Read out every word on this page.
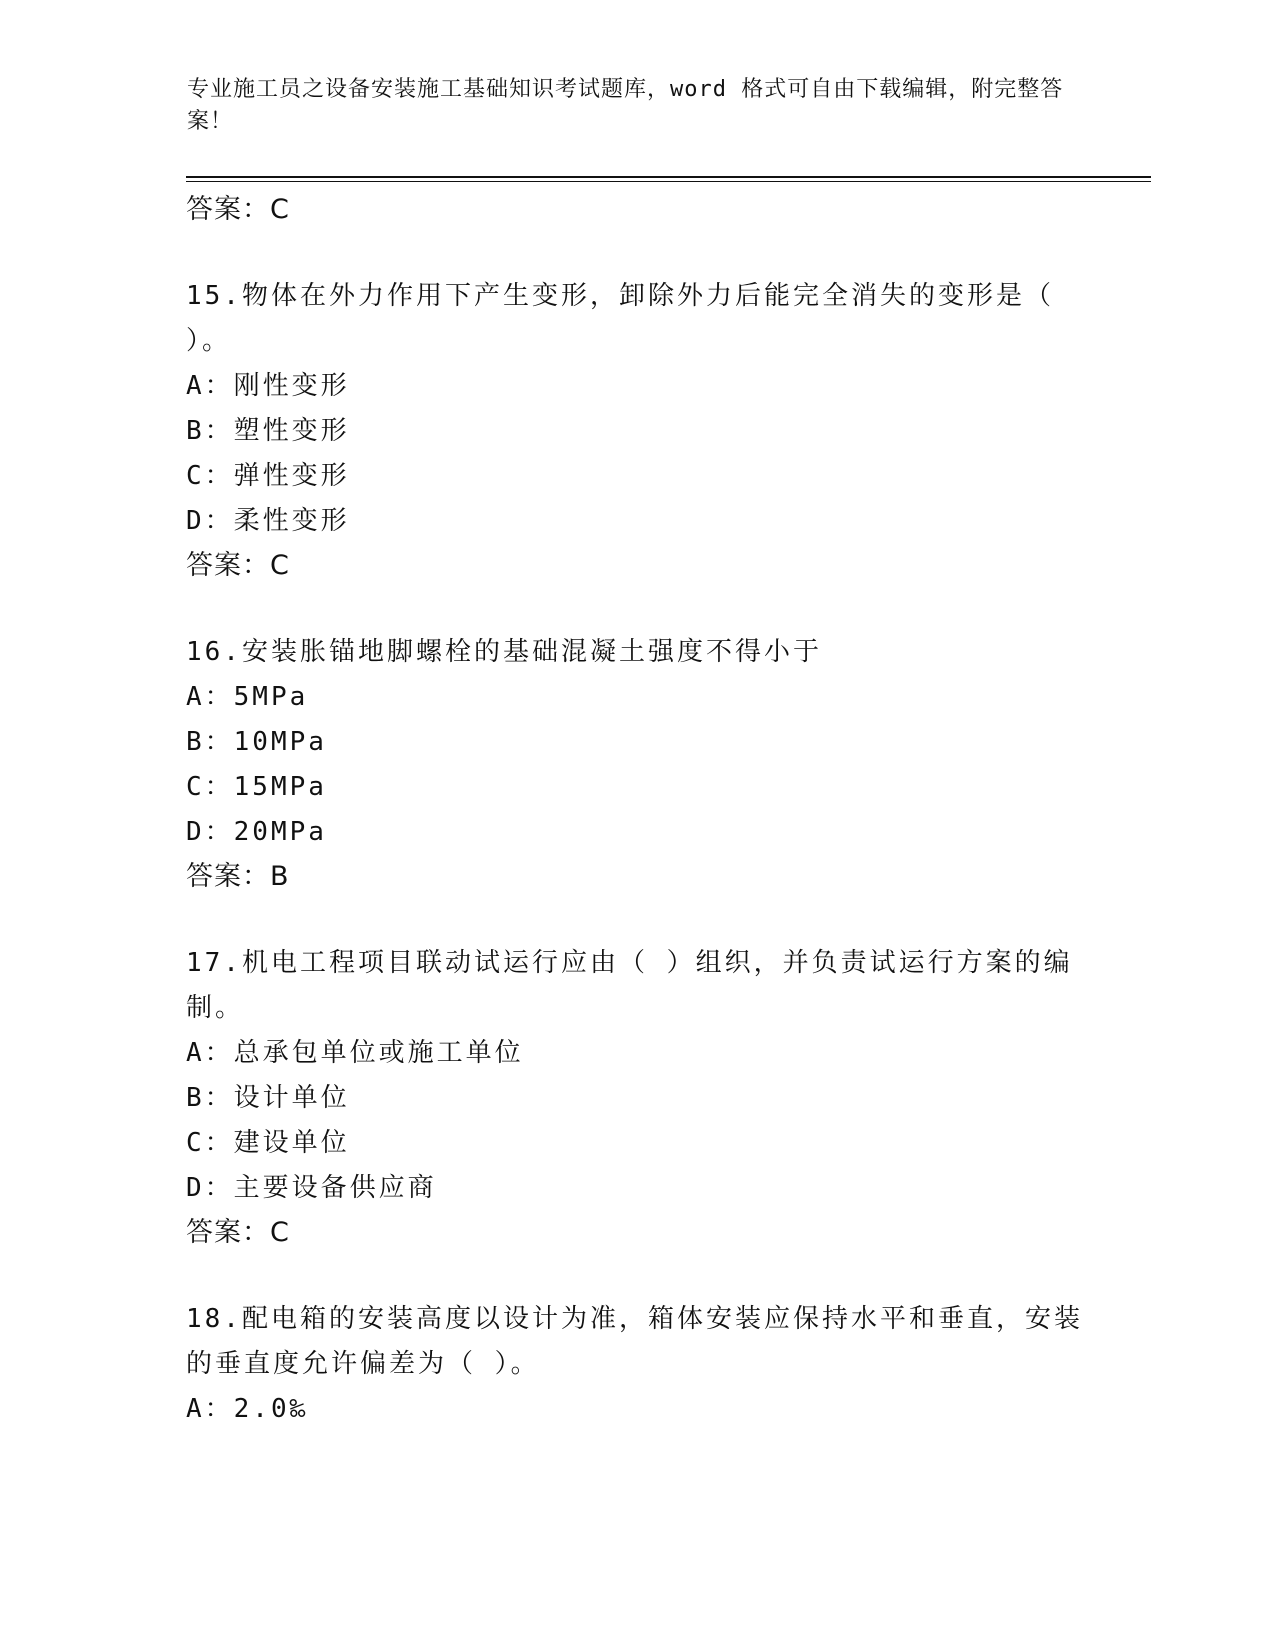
专业施工员之设备安装施工基础知识考试题库，word 格式可自由下载编辑，附完整答案！
答案：C
15.物体在外力作用下产生变形，卸除外力后能完全消失的变形是（ ）。
A：刚性变形
B：塑性变形
C：弹性变形
D：柔性变形
答案：C
16.安装胀锚地脚螺栓的基础混凝土强度不得小于
A：5MPa
B：10MPa
C：15MPa
D：20MPa
答案：B
17.机电工程项目联动试运行应由（ ）组织，并负责试运行方案的编制。
A：总承包单位或施工单位
B：设计单位
C：建设单位
D：主要设备供应商
答案：C
18.配电箱的安装高度以设计为准，箱体安装应保持水平和垂直，安装的垂直度允许偏差为（ ）。
A：2.0‰
